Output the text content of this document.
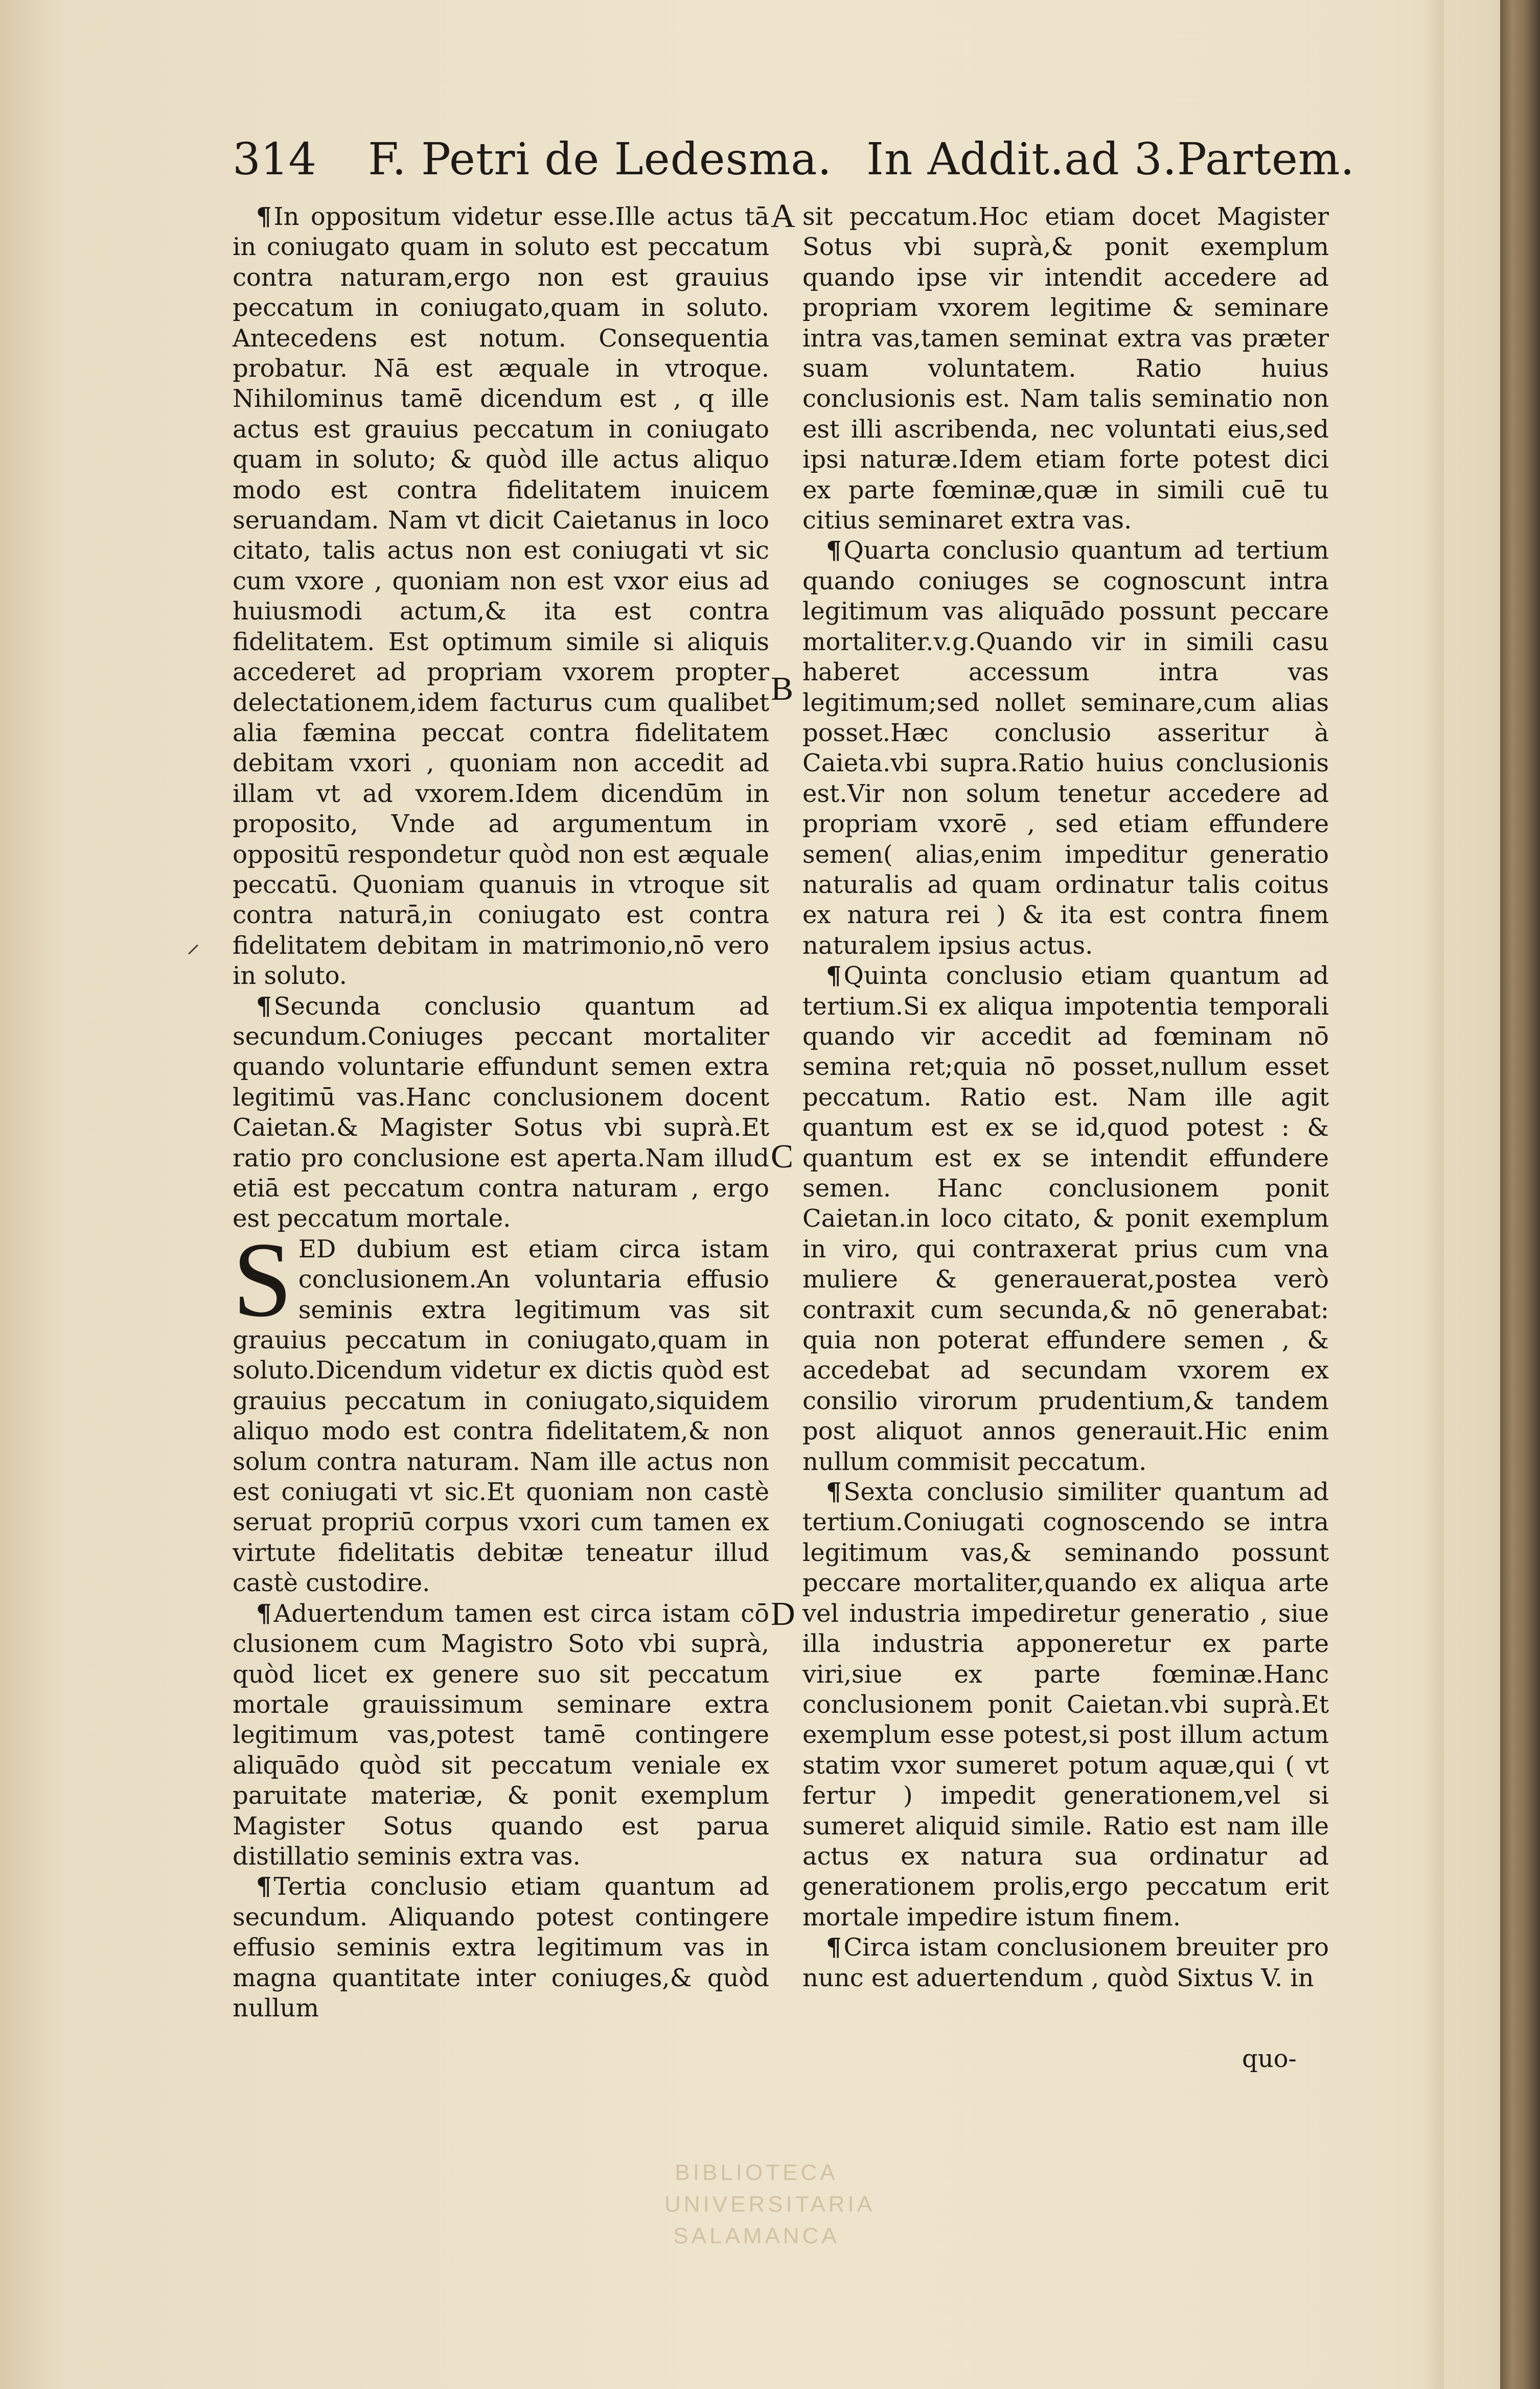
314 F. Petri de Ledesma. In Addit.ad 3.Partem.

¶In oppositum videtur esse.Ille actus tā in coniugato quam in soluto est peccatum contra naturam,ergo non est grauius peccatum in coniugato,quam in soluto. Antecedens est notum. Consequentia probatur. Nā est æquale in vtroque. Nihilominus tamē dicendum est , q ille actus est grauius peccatum in coniugato quam in soluto; & quòd ille actus aliquo modo est contra fidelitatem inuicem seruandam. Nam vt dicit Caietanus in loco citato, talis actus non est coniugati vt sic cum vxore , quoniam non est vxor eius ad huiusmodi actum,& ita est contra fidelitatem. Est optimum simile si aliquis accederet ad propriam vxorem propter delectationem,idem facturus cum qualibet alia fæmina peccat contra fidelitatem debitam vxori , quoniam non accedit ad illam vt ad vxorem.Idem dicendūm in proposito, Vnde ad argumentum in oppositū respondetur quòd non est æquale peccatū. Quoniam quanuis in vtroque sit contra naturā,in coniugato est contra fidelitatem debitam in matrimonio,nō vero in soluto.

¶Secunda conclusio quantum ad secundum.Coniuges peccant mortaliter quando voluntarie effundunt semen extra legitimū vas.Hanc conclusionem docent Caietan.& Magister Sotus vbi suprà.Et ratio pro conclusione est aperta.Nam illud etiā est peccatum contra naturam , ergo est peccatum mortale.

SED dubium est etiam circa istam conclusionem.An voluntaria effusio seminis extra legitimum vas sit grauius peccatum in coniugato,quam in soluto.Dicendum videtur ex dictis quòd est grauius peccatum in coniugato,siquidem aliquo modo est contra fidelitatem,& non solum contra naturam. Nam ille actus non est coniugati vt sic.Et quoniam non castè seruat propriū corpus vxori cum tamen ex virtute fidelitatis debitæ teneatur illud castè custodire.

¶Aduertendum tamen est circa istam cō clusionem cum Magistro Soto vbi suprà, quòd licet ex genere suo sit peccatum mortale grauissimum seminare extra legitimum vas,potest tamē contingere aliquādo quòd sit peccatum veniale ex paruitate materiæ, & ponit exemplum Magister Sotus quando est parua distillatio seminis extra vas.

¶Tertia conclusio etiam quantum ad secundum. Aliquando potest contingere effusio seminis extra legitimum vas in magna quantitate inter coniuges,& quòd nullum

sit peccatum.Hoc etiam docet Magister Sotus vbi suprà,& ponit exemplum quando ipse vir intendit accedere ad propriam vxorem legitime & seminare intra vas,tamen seminat extra vas præter suam voluntatem. Ratio huius conclusionis est. Nam talis seminatio non est illi ascribenda, nec voluntati eius,sed ipsi naturæ.Idem etiam forte potest dici ex parte fœminæ,quæ in simili cuē tu citius seminaret extra vas.

¶Quarta conclusio quantum ad tertium quando coniuges se cognoscunt intra legitimum vas aliquādo possunt peccare mortaliter.v.g.Quando vir in simili casu haberet accessum intra vas legitimum;sed nollet seminare,cum alias posset.Hæc conclusio asseritur à Caieta.vbi supra.Ratio huius conclusionis est.Vir non solum tenetur accedere ad propriam vxorē , sed etiam effundere semen( alias,enim impeditur generatio naturalis ad quam ordinatur talis coitus ex natura rei ) & ita est contra finem naturalem ipsius actus.

¶Quinta conclusio etiam quantum ad tertium.Si ex aliqua impotentia temporali quando vir accedit ad fœminam nō semina ret;quia nō posset,nullum esset peccatum. Ratio est. Nam ille agit quantum est ex se id,quod potest : & quantum est ex se intendit effundere semen. Hanc conclusionem ponit Caietan.in loco citato, & ponit exemplum in viro, qui contraxerat prius cum vna muliere & generauerat,postea verò contraxit cum secunda,& nō generabat: quia non poterat effundere semen , & accedebat ad secundam vxorem ex consilio virorum prudentium,& tandem post aliquot annos generauit.Hic enim nullum commisit peccatum.

¶Sexta conclusio similiter quantum ad tertium.Coniugati cognoscendo se intra legitimum vas,& seminando possunt peccare mortaliter,quando ex aliqua arte vel industria impediretur generatio , siue illa industria apponeretur ex parte viri,siue ex parte fœminæ.Hanc conclusionem ponit Caietan.vbi suprà.Et exemplum esse potest,si post illum actum statim vxor sumeret potum aquæ,qui ( vt fertur ) impedit generationem,vel si sumeret aliquid simile. Ratio est nam ille actus ex natura sua ordinatur ad generationem prolis,ergo peccatum erit mortale impedire istum finem.

¶Circa istam conclusionem breuiter pro nunc est aduertendum , quòd Sixtus V. in

A
B
C
D
⸍
quo-
BIBLIOTECA
UNIVERSITARIA
SALAMANCA
